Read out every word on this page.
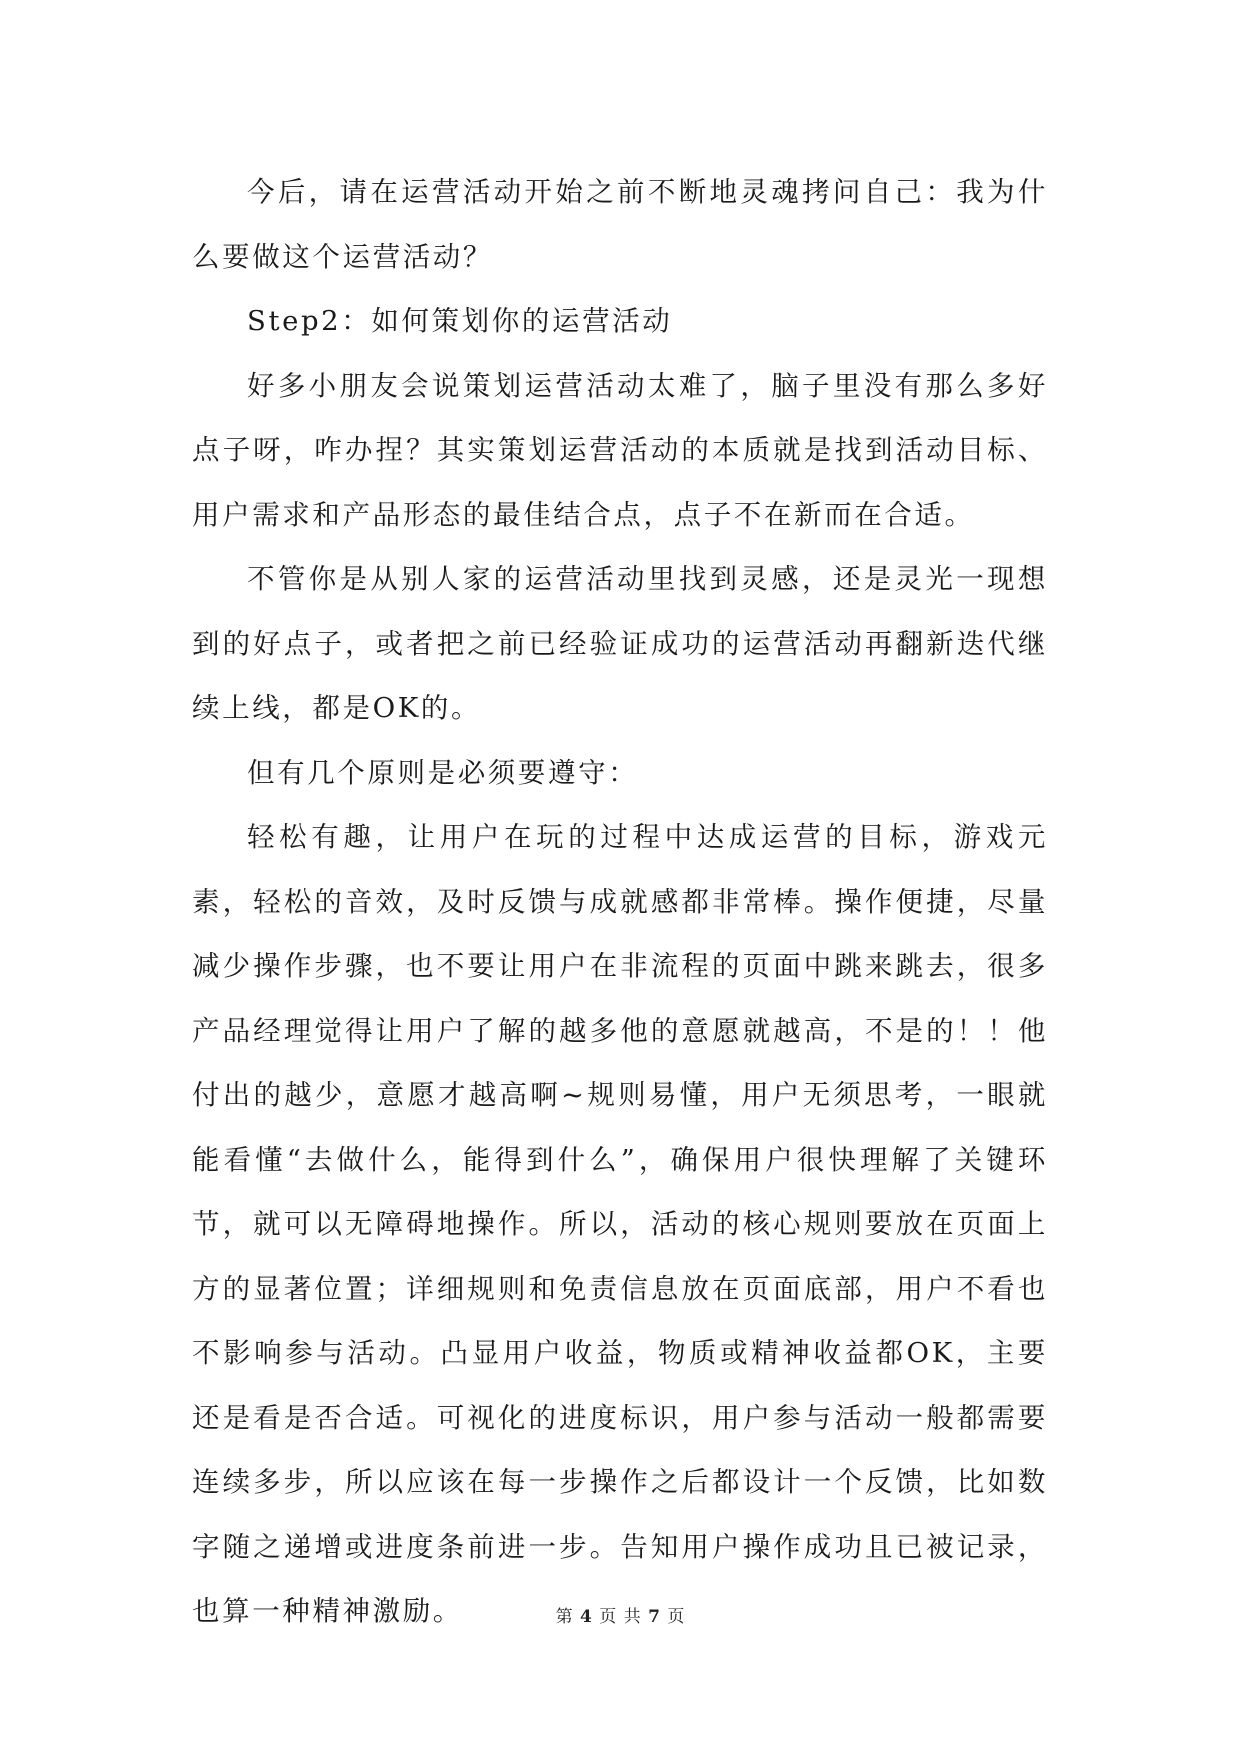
今后，请在运营活动开始之前不断地灵魂拷问自己：我为什么要做这个运营活动？

Step2：如何策划你的运营活动

好多小朋友会说策划运营活动太难了，脑子里没有那么多好点子呀，咋办捏？其实策划运营活动的本质就是找到活动目标、用户需求和产品形态的最佳结合点，点子不在新而在合适。

不管你是从别人家的运营活动里找到灵感，还是灵光一现想到的好点子，或者把之前已经验证成功的运营活动再翻新迭代继续上线，都是OK的。

但有几个原则是必须要遵守：

轻松有趣，让用户在玩的过程中达成运营的目标，游戏元素，轻松的音效，及时反馈与成就感都非常棒。操作便捷，尽量减少操作步骤，也不要让用户在非流程的页面中跳来跳去，很多产品经理觉得让用户了解的越多他的意愿就越高，不是的！！他付出的越少，意愿才越高啊~规则易懂，用户无须思考，一眼就能看懂“去做什么，能得到什么”，确保用户很快理解了关键环节，就可以无障碍地操作。所以，活动的核心规则要放在页面上方的显著位置；详细规则和免责信息放在页面底部，用户不看也不影响参与活动。凸显用户收益，物质或精神收益都OK，主要还是看是否合适。可视化的进度标识，用户参与活动一般都需要连续多步，所以应该在每一步操作之后都设计一个反馈，比如数字随之递增或进度条前进一步。告知用户操作成功且已被记录，也算一种精神激励。	第 4 页 共 7 页
